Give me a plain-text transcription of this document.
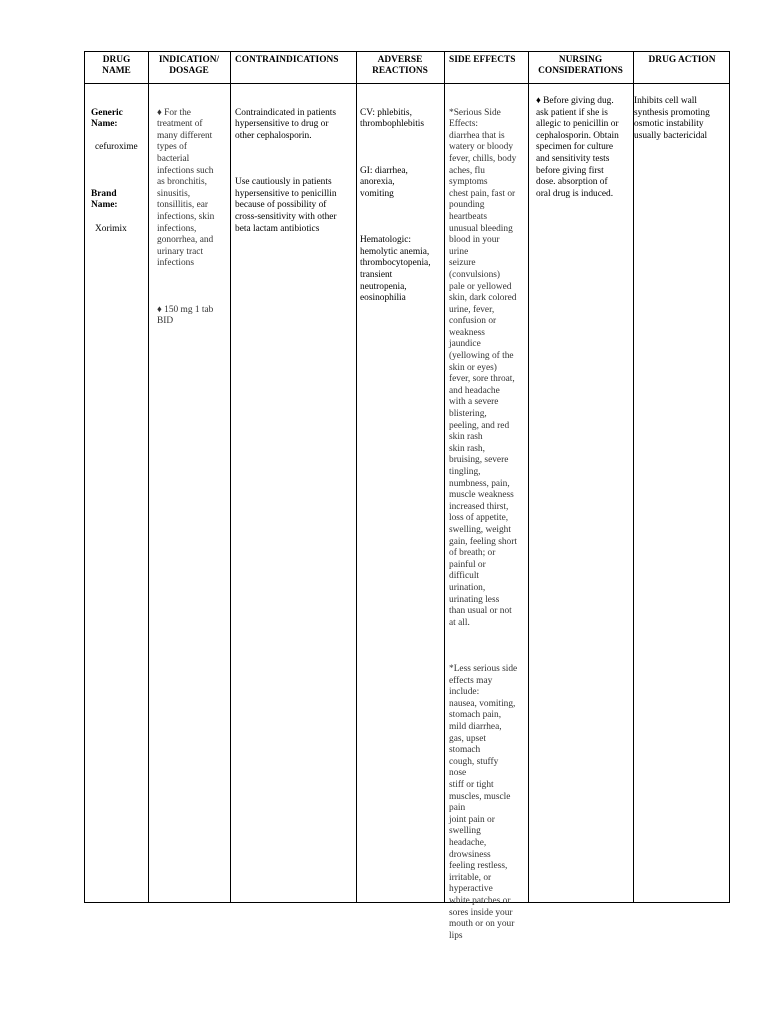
DRUG
NAME
INDICATION/
DOSAGE
CONTRAINDICATIONS	ADVERSE
REACTIONS
SIDE EFFECTS	NURSING
CONSIDERATIONS
DRUG ACTION

Generic
Name:

cefuroxime

Brand
Name:

Xorimix

♦ For the
treatment of
many different
types of
bacterial
infections such
as bronchitis,
sinusitis,
tonsillitis, ear
infections, skin
infections,
gonorrhea, and
urinary tract
infections

♦ 150 mg 1 tab
BID

Contraindicated in patients
hypersensitive to drug or
other cephalosporin.

Use cautiously in patients
hypersensitive to penicillin
because of possibility of
cross-sensitivity with other
beta lactam antibiotics

CV: phlebitis,
thrombophlebitis

GI: diarrhea,
anorexia,
vomiting

Hematologic:
hemolytic anemia,
thrombocytopenia,
transient
neutropenia,
eosinophilia

*Serious Side
Effects:
diarrhea that is
watery or bloody
fever, chills, body
aches, flu
symptoms
chest pain, fast or
pounding
heartbeats
unusual bleeding
blood in your
urine
seizure
(convulsions)
pale or yellowed
skin, dark colored
urine, fever,
confusion or
weakness
jaundice
(yellowing of the
skin or eyes)
fever, sore throat,
and headache
with a severe
blistering,
peeling, and red
skin rash
skin rash,
bruising, severe
tingling,
numbness, pain,
muscle weakness
increased thirst,
loss of appetite,
swelling, weight
gain, feeling short
of breath; or
painful or
difficult
urination,
urinating less
than usual or not
at all.

*Less serious side
effects may
include:
nausea, vomiting,
stomach pain,
mild diarrhea,
gas, upset
stomach
cough, stuffy
nose
stiff or tight
muscles, muscle
pain
joint pain or
swelling
headache,
drowsiness
feeling restless,
irritable, or
hyperactive
white patches or
sores inside your
mouth or on your
lips

♦ Before giving dug.
ask patient if she is
allegic to penicillin or
cephalosporin. Obtain
specimen for culture
and sensitivity tests
before giving first
dose. absorption of
oral drug is induced.
Inhibits cell wall
synthesis promoting
osmotic instability
usually bactericidal
